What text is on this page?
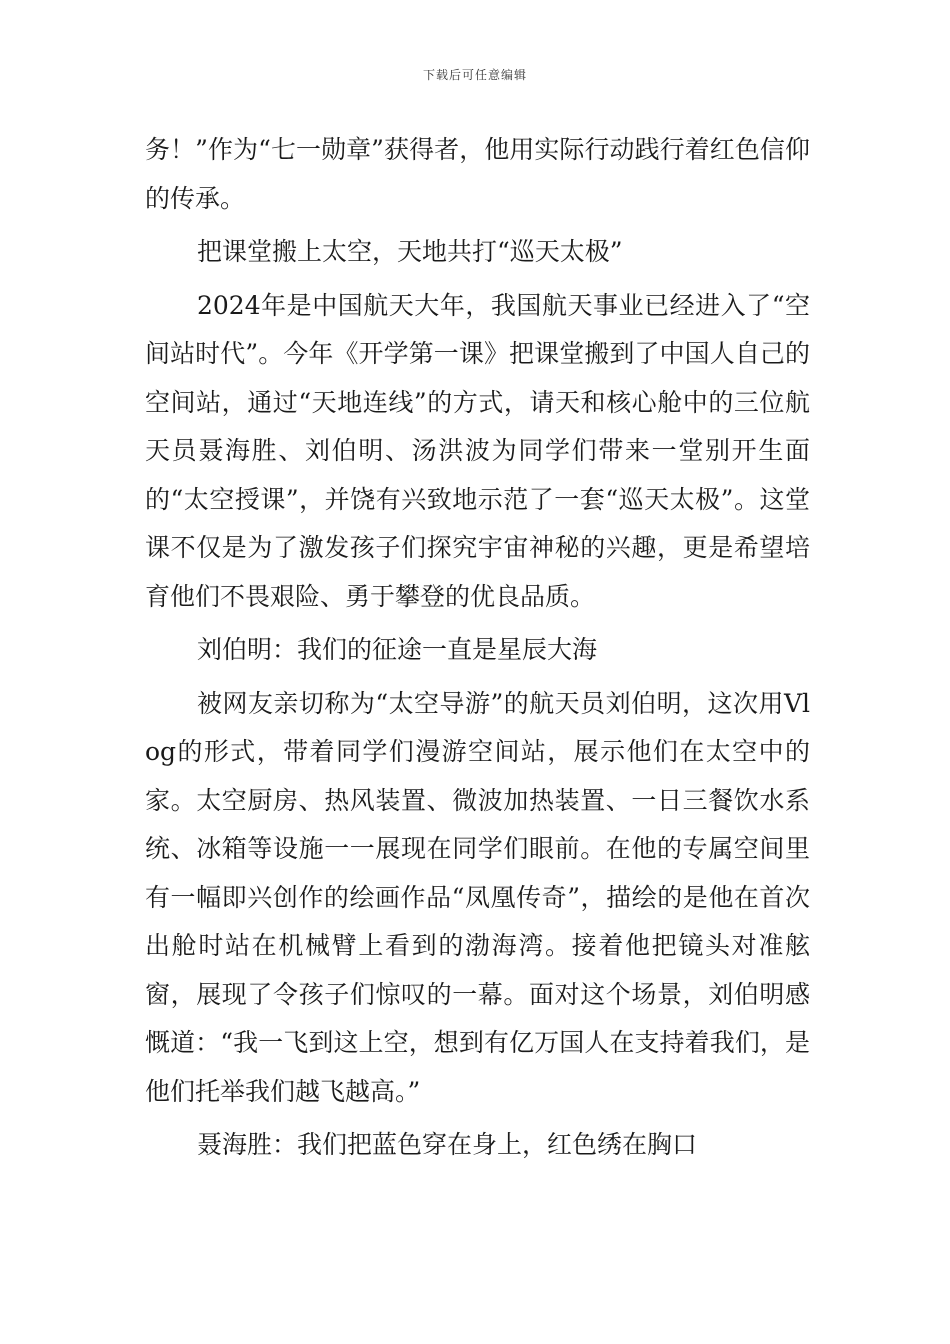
下载后可任意编辑

务！”作为“七一勋章”获得者，他用实际行动践行着红色信仰的传承。

把课堂搬上太空，天地共打“巡天太极”

2024年是中国航天大年，我国航天事业已经进入了“空间站时代”。今年《开学第一课》把课堂搬到了中国人自己的空间站，通过“天地连线”的方式，请天和核心舱中的三位航天员聂海胜、刘伯明、汤洪波为同学们带来一堂别开生面的“太空授课”，并饶有兴致地示范了一套“巡天太极”。这堂课不仅是为了激发孩子们探究宇宙神秘的兴趣，更是希望培育他们不畏艰险、勇于攀登的优良品质。

刘伯明：我们的征途一直是星辰大海

被网友亲切称为“太空导游”的航天员刘伯明，这次用Vlog的形式，带着同学们漫游空间站，展示他们在太空中的家。太空厨房、热风装置、微波加热装置、一日三餐饮水系统、冰箱等设施一一展现在同学们眼前。在他的专属空间里有一幅即兴创作的绘画作品“凤凰传奇”，描绘的是他在首次出舱时站在机械臂上看到的渤海湾。接着他把镜头对准舷窗，展现了令孩子们惊叹的一幕。面对这个场景，刘伯明感慨道：“我一飞到这上空，想到有亿万国人在支持着我们，是他们托举我们越飞越高。”

聂海胜：我们把蓝色穿在身上，红色绣在胸口
